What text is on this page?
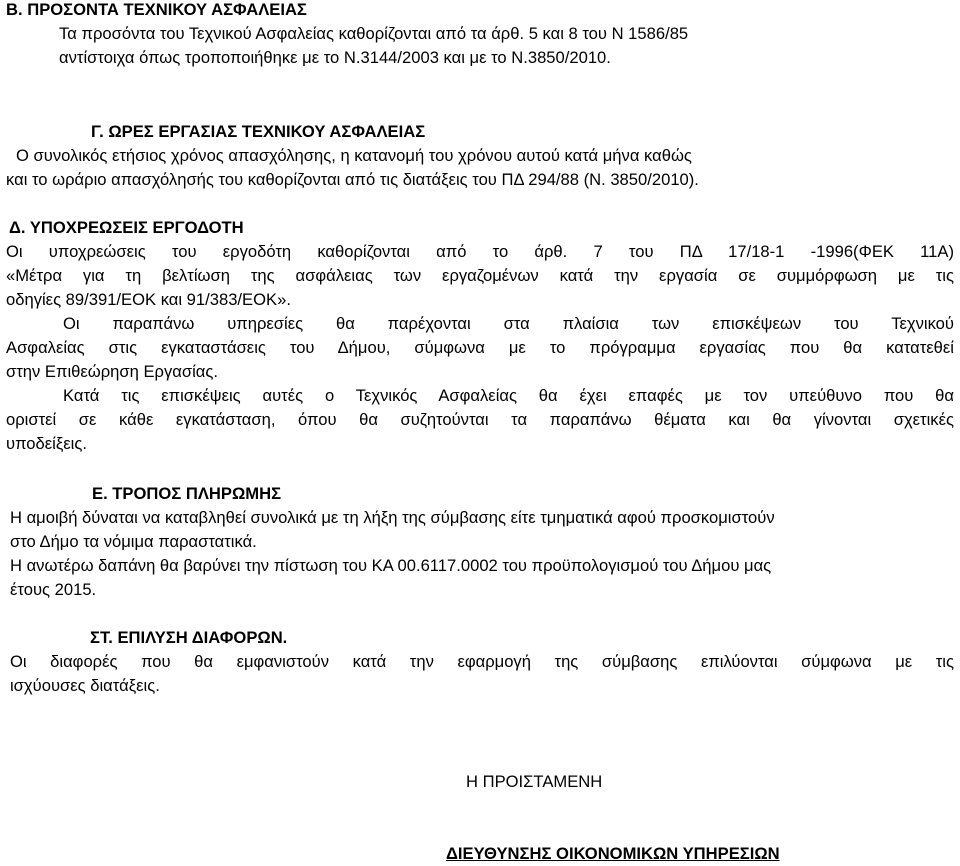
Β. ΠΡΟΣΟΝΤΑ ΤΕΧΝΙΚΟΥ ΑΣΦΑΛΕΙΑΣ
Τα προσόντα του Τεχνικού Ασφαλείας καθορίζονται από τα άρθ. 5 και 8 του Ν 1586/85
αντίστοιχα όπως τροποποιήθηκε με το Ν.3144/2003 και με το Ν.3850/2010.
Γ. ΩΡΕΣ ΕΡΓΑΣΙΑΣ ΤΕΧΝΙΚΟΥ ΑΣΦΑΛΕΙΑΣ
Ο συνολικός ετήσιος χρόνος απασχόλησης, η κατανομή του χρόνου αυτού κατά μήνα καθώς
και το ωράριο απασχόλησής του καθορίζονται από τις διατάξεις του ΠΔ 294/88 (Ν. 3850/2010).
Δ. ΥΠΟΧΡΕΩΣΕΙΣ ΕΡΓΟΔΟΤΗ
Οι υποχρεώσεις του εργοδότη καθορίζονται από το άρθ. 7 του ΠΔ 17/18-1 -1996(ΦΕΚ 11Α)
«Μέτρα για τη βελτίωση της ασφάλειας των εργαζομένων κατά την εργασία σε συμμόρφωση με τις
οδηγίες 89/391/ΕΟΚ και 91/383/ΕΟΚ».
Οι παραπάνω υπηρεσίες θα παρέχονται στα πλαίσια των επισκέψεων του Τεχνικού
Ασφαλείας στις εγκαταστάσεις του Δήμου, σύμφωνα με το πρόγραμμα εργασίας που θα κατατεθεί
στην Επιθεώρηση Εργασίας.
Κατά τις επισκέψεις αυτές ο Τεχνικός Ασφαλείας θα έχει επαφές με τον υπεύθυνο που θα
οριστεί σε κάθε εγκατάσταση, όπου θα συζητούνται τα παραπάνω θέματα και θα γίνονται σχετικές
υποδείξεις.
Ε. ΤΡΟΠΟΣ ΠΛΗΡΩΜΗΣ
Η αμοιβή δύναται να καταβληθεί συνολικά με τη λήξη της σύμβασης είτε τμηματικά αφού προσκομιστούν
στο Δήμο τα νόμιμα παραστατικά.
Η ανωτέρω δαπάνη θα βαρύνει την πίστωση του ΚΑ 00.6117.0002 του προϋπολογισμού του Δήμου μας
έτους 2015.
ΣΤ. ΕΠΙΛΥΣΗ ΔΙΑΦΟΡΩΝ.
Οι διαφορές που θα εμφανιστούν κατά την εφαρμογή της σύμβασης επιλύονται σύμφωνα με τις
ισχύουσες διατάξεις.
Η ΠΡΟΙΣΤΑΜΕΝΗ
ΔΙΕΥΘΥΝΣΗΣ ΟΙΚΟΝΟΜΙΚΩΝ ΥΠΗΡΕΣΙΩΝ
